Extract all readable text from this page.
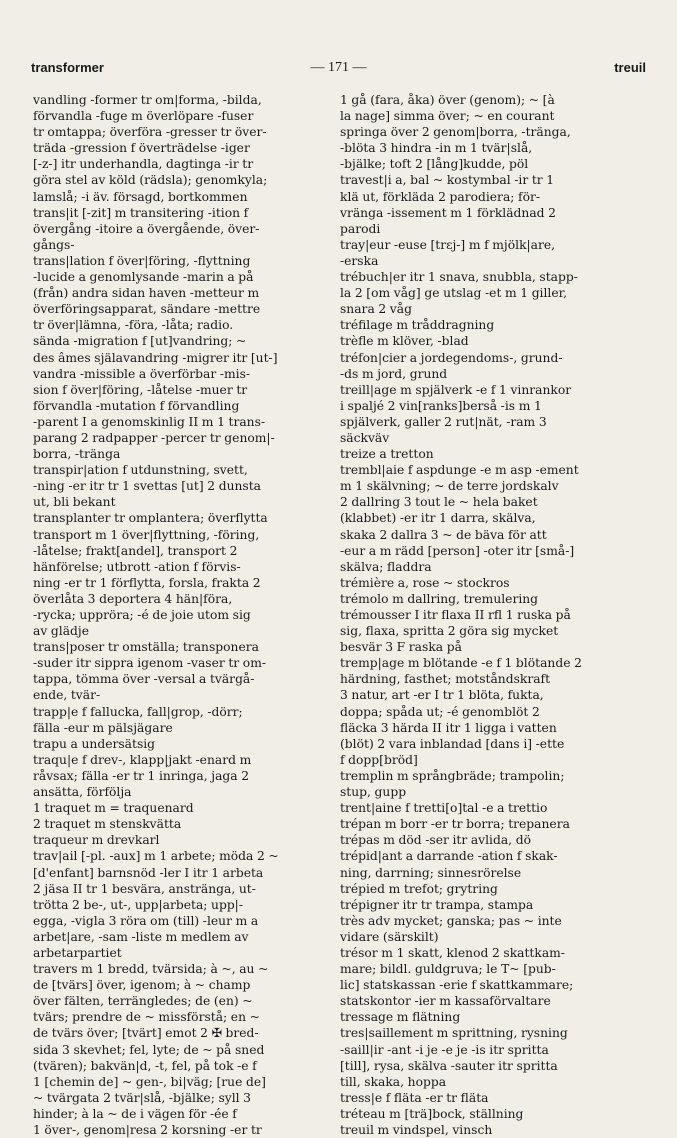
transformer	— 171 —	treuil

vandling -former tr om|forma, -bilda,
förvandla -fuge m överlöpare -fuser
tr omtappa; överföra -gresser tr över-
träda -gression f överträdelse -iger
[-z-] itr underhandla, dagtinga -ir tr
göra stel av köld (rädsla); genomkyla;
lamslå; -i äv. försagd, bortkommen

trans|it [-zit] m transitering -ition f
övergång -itoire a övergående, över-
gångs-

trans|lation f över|föring, -flyttning
-lucide a genomlysande -marin a på
(från) andra sidan haven -metteur m
överföringsapparat, sändare -mettre
tr över|lämna, -föra, -låta; radio.
sända -migration f [ut]vandring; ~
des âmes själavandring -migrer itr [ut-]
vandra -missible a överförbar -mis-
sion f över|föring, -låtelse -muer tr
förvandla -mutation f förvandling
-parent I a genomskinlig II m 1 trans-
parang 2 radpapper -percer tr genom|-
borra, -tränga

transpir|ation f utdunstning, svett,
-ning -er itr tr 1 svettas [ut] 2 dunsta
ut, bli bekant

transplanter tr omplantera; överflytta

transport m 1 över|flyttning, -föring,
-låtelse; frakt[andel], transport 2
hänförelse; utbrott -ation f förvis-
ning -er tr 1 förflytta, forsla, frakta 2
överlåta 3 deportera 4 hän|föra,
-rycka; uppröra; -é de joie utom sig
av glädje

trans|poser tr omställa; transponera
-suder itr sippra igenom -vaser tr om-
tappa, tömma över -versal a tvärgå-
ende, tvär-

trapp|e f fallucka, fall|grop, -dörr;
fälla -eur m pälsjägare

trapu a undersätsig

traqu|e f drev-, klapp|jakt -enard m
råvsax; fälla -er tr 1 inringa, jaga 2
ansätta, förfölja

1 traquet m = traquenard

2 traquet m stenskvätta

traqueur m drevkarl

trav|ail [-pl. -aux] m 1 arbete; möda 2 ~
[d'enfant] barnsnöd -ler I itr 1 arbeta
2 jäsa II tr 1 besvära, anstränga, ut-
trötta 2 be-, ut-, upp|arbeta; upp|-
egga, -vigla 3 röra om (till) -leur m a
arbet|are, -sam -liste m medlem av
arbetarpartiet

travers m 1 bredd, tvärsida; à ~, au ~
de [tvärs] över, igenom; à ~ champ
över fälten, terrängledes; de (en) ~
tvärs; prendre de ~ missförstå; en ~
de tvärs över; [tvärt] emot 2 ✠ bred-
sida 3 skevhet; fel, lyte; de ~ på sned
(tvären); bakvän|d, -t, fel, på tok -e f
1 [chemin de] ~ gen-, bi|väg; [rue de]
~ tvärgata 2 tvär|slå, -bjälke; syll 3
hinder; à la ~ de i vägen för -ée f
1 över-, genom|resa 2 korsning -er tr

1 gå (fara, åka) över (genom); ~ [à
la nage] simma över; ~ en courant
springa över 2 genom|borra, -tränga,
-blöta 3 hindra -in m 1 tvär|slå,
-bjälke; toft 2 [lång]kudde, pöl

travest|i a, bal ~ kostymbal -ir tr 1
klä ut, förkläda 2 parodiera; för-
vränga -issement m 1 förklädnad 2
parodi

tray|eur -euse [trɛj-] m f mjölk|are,
-erska

trébuch|er itr 1 snava, snubbla, stapp-
la 2 [om våg] ge utslag -et m 1 giller,
snara 2 våg

tréfilage m tråddragning

trèfle m klöver, -blad

tréfon|cier a jordegendoms-, grund-
-ds m jord, grund

treill|age m spjälverk -e f 1 vinrankor
i spaljé 2 vin[ranks]berså -is m 1
spjälverk, galler 2 rut|nät, -ram 3
säckväv

treize a tretton

trembl|aie f aspdunge -e m asp -ement
m 1 skälvning; ~ de terre jordskalv
2 dallring 3 tout le ~ hela baket
(klabbet) -er itr 1 darra, skälva,
skaka 2 dallra 3 ~ de bäva för att
-eur a m rädd [person] -oter itr [små-]
skälva; fladdra

trémière a, rose ~ stockros

trémolo m dallring, tremulering

trémousser I itr flaxa II rfl 1 ruska på
sig, flaxa, spritta 2 göra sig mycket
besvär 3 F raska på

tremp|age m blötande -e f 1 blötande 2
härdning, fasthet; motståndskraft
3 natur, art -er I tr 1 blöta, fukta,
doppa; spåda ut; -é genomblöt 2
fläcka 3 härda II itr 1 ligga i vatten
(blöt) 2 vara inblandad [dans i] -ette
f dopp[bröd]

tremplin m språngbräde; trampolin;
stup, gupp

trent|aine f tretti[o]tal -e a trettio

trépan m borr -er tr borra; trepanera

trépas m död -ser itr avlida, dö

trépid|ant a darrande -ation f skak-
ning, darrning; sinnesrörelse

trépied m trefot; grytring

trépigner itr tr trampa, stampa

très adv mycket; ganska; pas ~ inte
vidare (särskilt)

trésor m 1 skatt, klenod 2 skattkam-
mare; bildl. guldgruva; le T~ [pub-
lic] statskassan -erie f skattkammare;
statskontor -ier m kassaförvaltare

tressage m flätning

tres|saillement m sprittning, rysning
-saill|ir -ant -i je -e je -is itr spritta
[till], rysa, skälva -sauter itr spritta
till, skaka, hoppa

tress|e f fläta -er tr fläta

tréteau m [trä]bock, ställning

treuil m vindspel, vinsch
